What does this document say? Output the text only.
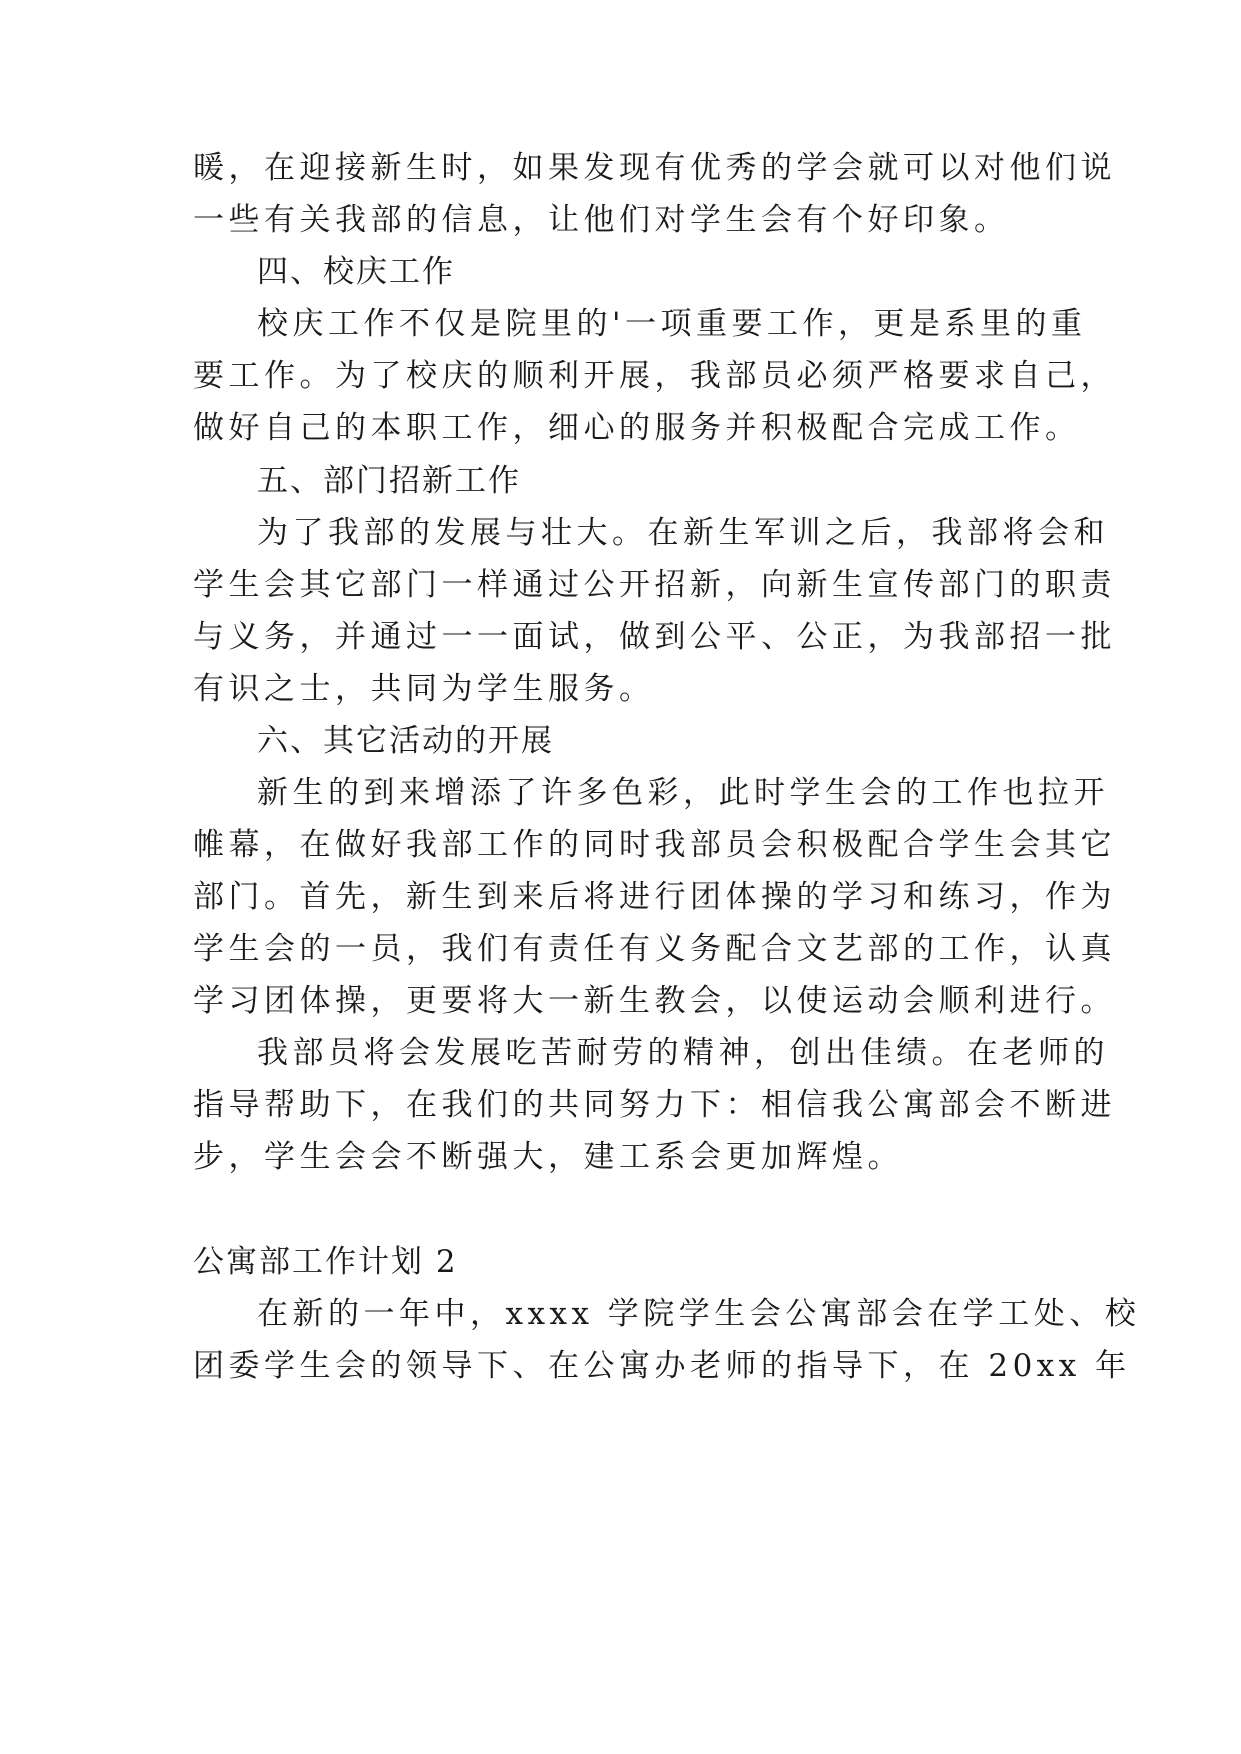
暖，在迎接新生时，如果发现有优秀的学会就可以对他们说
一些有关我部的信息，让他们对学生会有个好印象。
四、校庆工作
校庆工作不仅是院里的'一项重要工作，更是系里的重
要工作。为了校庆的顺利开展，我部员必须严格要求自己，
做好自己的本职工作，细心的服务并积极配合完成工作。
五、部门招新工作
为了我部的发展与壮大。在新生军训之后，我部将会和
学生会其它部门一样通过公开招新，向新生宣传部门的职责
与义务，并通过一一面试，做到公平、公正，为我部招一批
有识之士，共同为学生服务。
六、其它活动的开展
新生的到来增添了许多色彩，此时学生会的工作也拉开
帷幕，在做好我部工作的同时我部员会积极配合学生会其它
部门。首先，新生到来后将进行团体操的学习和练习，作为
学生会的一员，我们有责任有义务配合文艺部的工作，认真
学习团体操，更要将大一新生教会，以使运动会顺利进行。
我部员将会发展吃苦耐劳的精神，创出佳绩。在老师的
指导帮助下，在我们的共同努力下：相信我公寓部会不断进
步，学生会会不断强大，建工系会更加辉煌。
公寓部工作计划 2
在新的一年中，xxxx 学院学生会公寓部会在学工处、校
团委学生会的领导下、在公寓办老师的指导下，在 20xx 年
